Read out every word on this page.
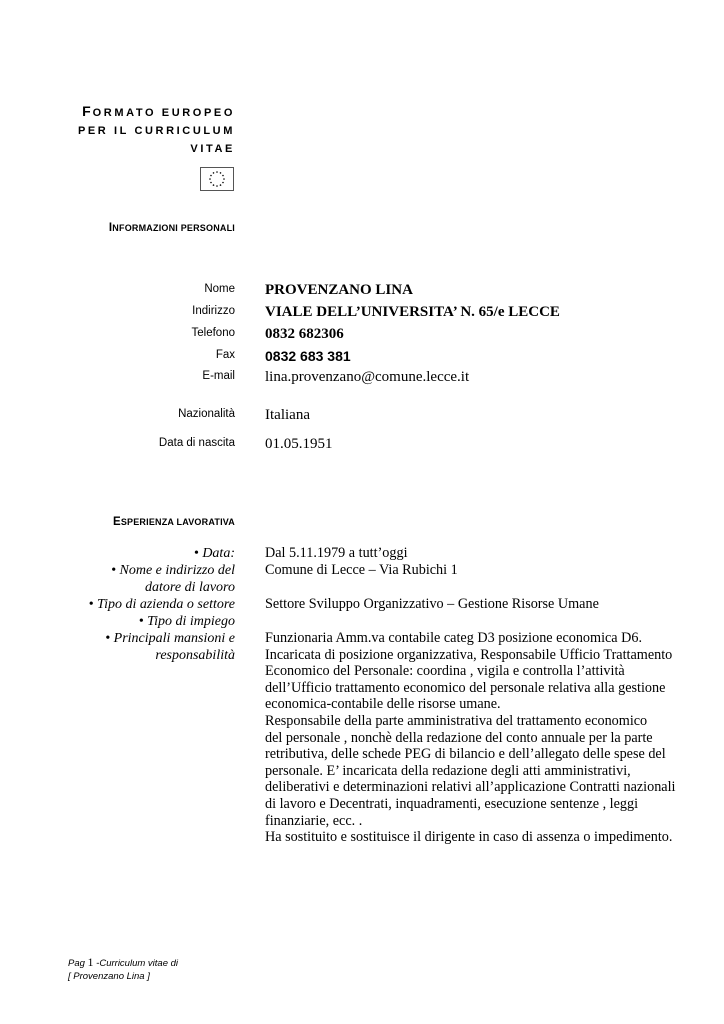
FORMATO EUROPEO
PER IL CURRICULUM
VITAE
INFORMAZIONI PERSONALI
Nome PROVENZANO LINA
Indirizzo VIALE DELL’UNIVERSITA’ N. 65/e LECCE
Telefono 0832 682306
Fax 0832 683 381
E-mail lina.provenzano@comune.lecce.it
Nazionalità Italiana
Data di nascita 01.05.1951
ESPERIENZA LAVORATIVA
• Data: Dal 5.11.1979 a tutt’oggi
• Nome e indirizzo del
datore di lavoro
Comune di Lecce – Via Rubichi 1
• Tipo di azienda o settore Settore Sviluppo Organizzativo – Gestione Risorse Umane
• Tipo di impiego
• Principali mansioni e
responsabilità
Funzionaria Amm.va contabile categ D3 posizione economica D6.
Incaricata di posizione organizzativa, Responsabile Ufficio Trattamento
Economico del Personale: coordina , vigila e controlla l’attività
dell’Ufficio trattamento economico del personale relativa alla gestione
economica-contabile delle risorse umane.
Responsabile della parte amministrativa del trattamento economico
del personale , nonchè della redazione del conto annuale per la parte
retributiva, delle schede PEG di bilancio e dell’allegato delle spese del
personale. E’ incaricata della redazione degli atti amministrativi,
deliberativi e determinazioni relativi all’applicazione Contratti nazionali
di lavoro e Decentrati, inquadramenti, esecuzione sentenze , leggi
finanziarie, ecc. .
Ha sostituito e sostituisce il dirigente in caso di assenza o impedimento.
Pag 1 -Curriculum vitae di
[ Provenzano Lina ]
